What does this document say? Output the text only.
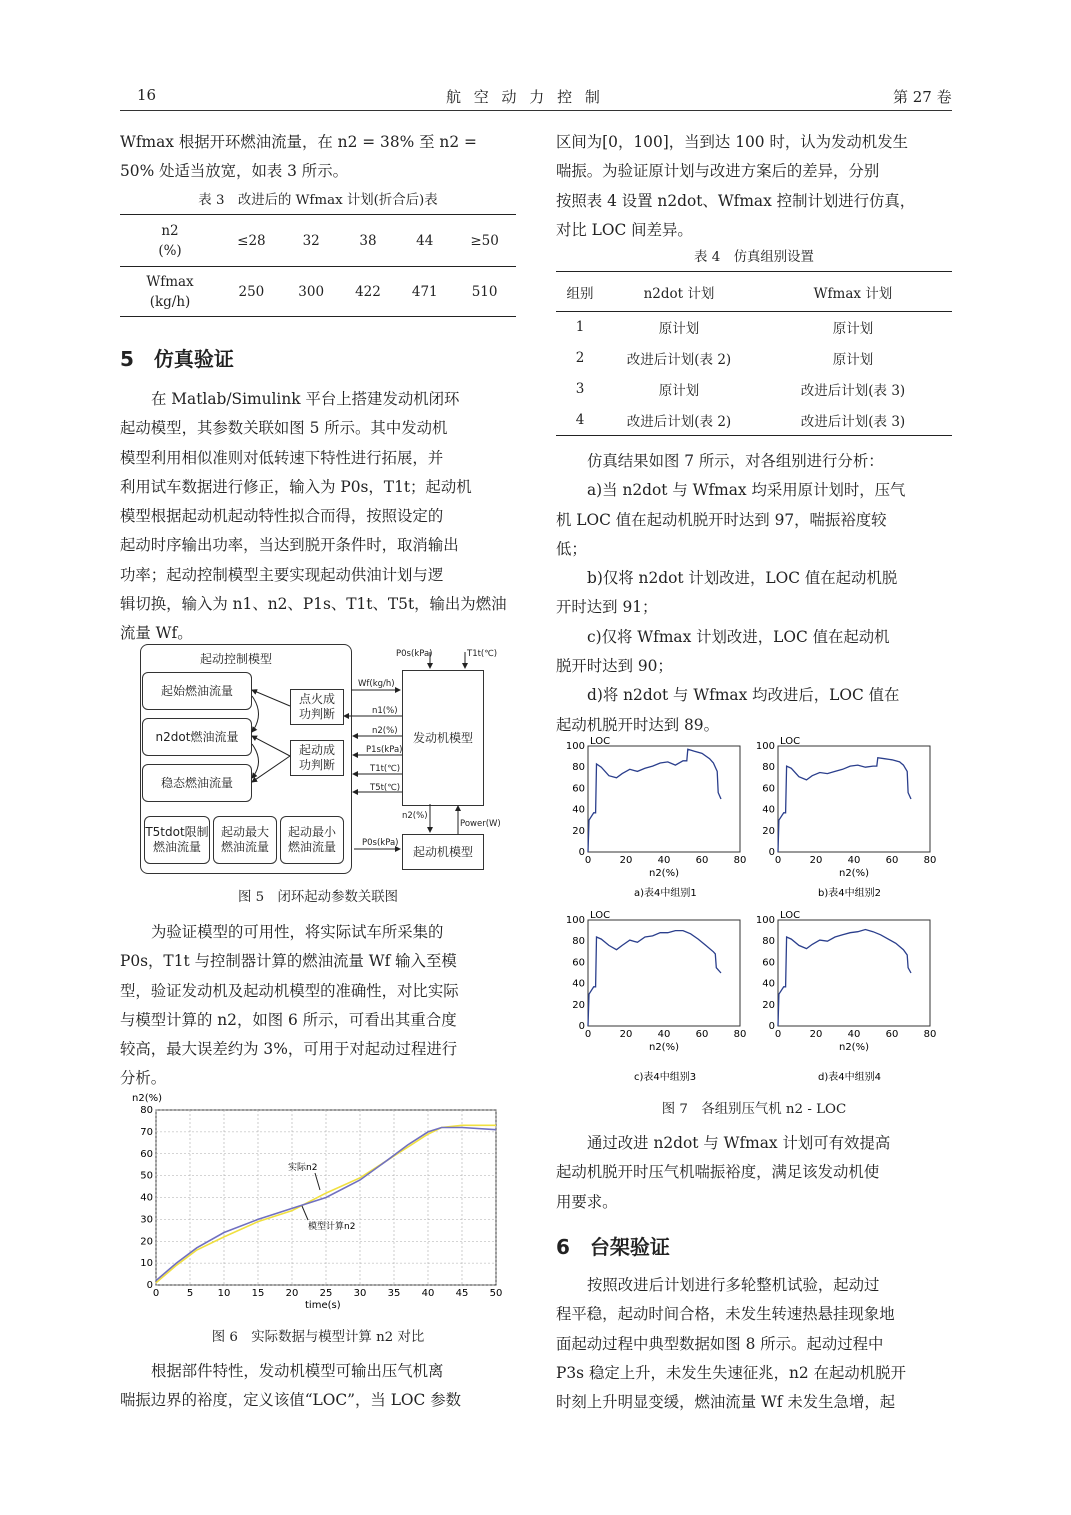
16	航 空 动 力 控 制	第 27 卷
Wfmax 根据开环燃油流量，在 n2 = 38% 至 n2 =
50% 处适当放宽，如表 3 所示。
表 3　改进后的 Wfmax 计划(折合后)表
n2
(%)	≤28	32	38	44	≥50
Wfmax
(kg/h)	250	300	422	471	510
5　仿真验证
在 Matlab/Simulink 平台上搭建发动机闭环
起动模型，其参数关联如图 5 所示。其中发动机
模型利用相似准则对低转速下特性进行拓展，并
利用试车数据进行修正，输入为 P0s，T1t；起动机
模型根据起动机起动特性拟合而得，按照设定的
起动时序输出功率，当达到脱开条件时，取消输出
功率；起动控制模型主要实现起动供油计划与逻
辑切换，输入为 n1、n2、P1s、T1t、T5t，输出为燃油
流量 Wf。
起动控制模型
起始燃油流量
n2dot燃油流量
稳态燃油流量
点火成
功判断
起动成
功判断
T5tdot限制
燃油流量
起动最大
燃油流量
起动最小
燃油流量
发动机模型
起动机模型
P0s(kPa)	T1t(℃)
Wf(kg/h)
n1(%)
n2(%)
P1s(kPa)
T1t(℃)
T5t(℃)
n2(%)
Power(W)
P0s(kPa)
图 5　闭环起动参数关联图
为验证模型的可用性，将实际试车所采集的
P0s，T1t 与控制器计算的燃油流量 Wf 输入至模
型，验证发动机及起动机模型的准确性，对比实际
与模型计算的 n2，如图 6 所示，可看出其重合度
较高，最大误差约为 3%，可用于对起动过程进行
分析。
n2(%)
time(s)
0
10
20
30
40
50
60
70
80
0	5 10 15 20 25 30 35 40 45 50
实际n2
模型计算n2
图 6　实际数据与模型计算 n2 对比
根据部件特性，发动机模型可输出压气机离
喘振边界的裕度，定义该值“LOC”，当 LOC 参数
区间为[0，100]，当到达 100 时，认为发动机发生
喘振。为验证原计划与改进方案后的差异，分别
按照表 4 设置 n2dot、Wfmax 控制计划进行仿真，
对比 LOC 间差异。
表 4　仿真组别设置
组别	n2dot 计划	Wfmax 计划
1	原计划	原计划
2	改进后计划(表 2)	原计划
3	原计划	改进后计划(表 3)
4	改进后计划(表 2)	改进后计划(表 3)
仿真结果如图 7 所示，对各组别进行分析：
a)当 n2dot 与 Wfmax 均采用原计划时，压气
机 LOC 值在起动机脱开时达到 97，喘振裕度较
低；
b)仅将 n2dot 计划改进，LOC 值在起动机脱
开时达到 91；
c)仅将 Wfmax 计划改进，LOC 值在起动机
脱开时达到 90；
d)将 n2dot 与 Wfmax 均改进后，LOC 值在
起动机脱开时达到 89。
0
20
40
60
80
100
0	20	40	60	80
LOC
n2(%)
0
20
40
60
80
100
0	20	40	60	80
LOC
n2(%)
0
20
40
60
80
100
0	20	40	60	80
LOC
n2(%)
0
20
40
60
80
100
0	20	40	60	80
LOC
n2(%)
a)表4中组别1	b)表4中组别2
c)表4中组别3	d)表4中组别4
图 7　各组别压气机 n2 - LOC
通过改进 n2dot 与 Wfmax 计划可有效提高
起动机脱开时压气机喘振裕度，满足该发动机使
用要求。
6　台架验证
按照改进后计划进行多轮整机试验，起动过
程平稳，起动时间合格，未发生转速热悬挂现象地
面起动过程中典型数据如图 8 所示。起动过程中
P3s 稳定上升，未发生失速征兆，n2 在起动机脱开
时刻上升明显变缓，燃油流量 Wf 未发生急增，起
